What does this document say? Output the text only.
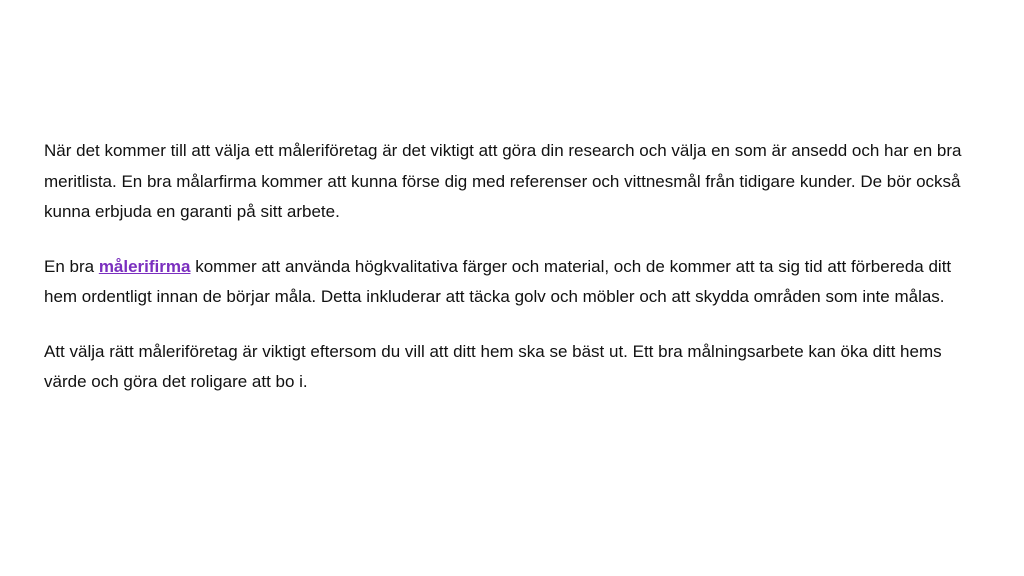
När det kommer till att välja ett måleriföretag är det viktigt att göra din research och välja en som är ansedd och har en bra meritlista. En bra målarfirma kommer att kunna förse dig med referenser och vittnesmål från tidigare kunder. De bör också kunna erbjuda en garanti på sitt arbete.

En bra målerifirma kommer att använda högkvalitativa färger och material, och de kommer att ta sig tid att förbereda ditt hem ordentligt innan de börjar måla. Detta inkluderar att täcka golv och möbler och att skydda områden som inte målas.

Att välja rätt måleriföretag är viktigt eftersom du vill att ditt hem ska se bäst ut. Ett bra målningsarbete kan öka ditt hems värde och göra det roligare att bo i.
